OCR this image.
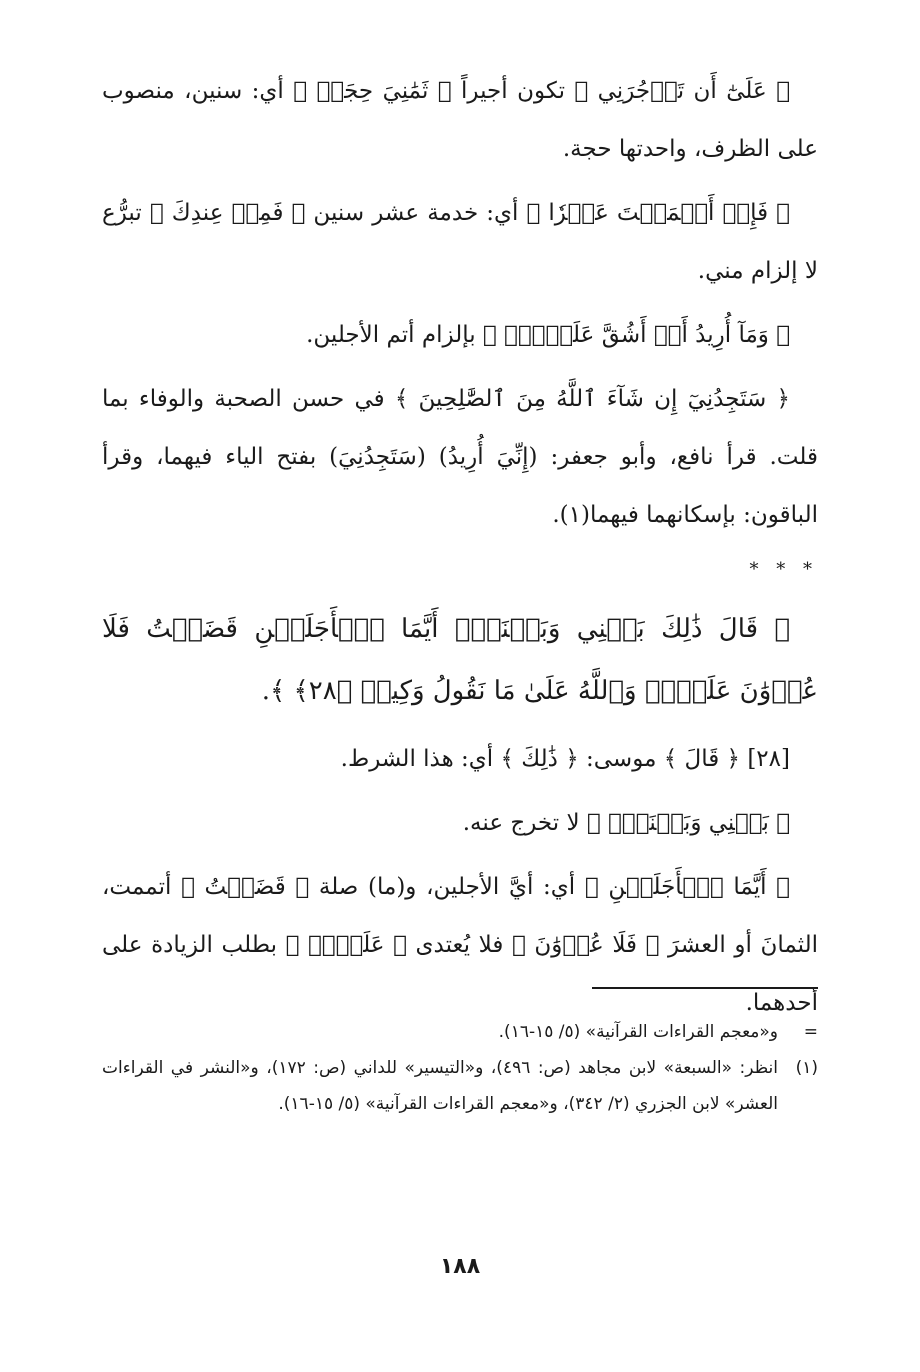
﴿ عَلَىٰٓ أَن تَأۡجُرَنِي ﴾ تكون أجيراً ﴿ ثَمَٰنِيَ حِجَجٖ ﴾ أي: سنين، منصوب على الظرف، واحدتها حجة.

﴿ فَإِنۡ أَتۡمَمۡتَ عَشۡرٗا ﴾ أي: خدمة عشر سنين ﴿ فَمِنۡ عِندِكَ ﴾ تبرُّع لا إلزام مني.

﴿ وَمَآ أُرِيدُ أَنۡ أَشُقَّ عَلَيۡكَۚ ﴾ بإلزام أتم الأجلين.

﴿ سَتَجِدُنِيٓ إِن شَآءَ ٱللَّهُ مِنَ ٱلصَّٰلِحِينَ ﴾ في حسن الصحبة والوفاء بما قلت. قرأ نافع، وأبو جعفر: (إِنِّيَ أُرِيدُ) (سَتَجِدُنِيَ) بفتح الياء فيهما، وقرأ الباقون: بإسكانهما فيهما(١).

* * *

﴿ قَالَ ذَٰلِكَ بَيۡنِي وَبَيۡنَكَۖ أَيَّمَا ٱلۡأَجَلَيۡنِ قَضَيۡتُ فَلَا عُدۡوَٰنَ عَلَيَّۖ وَٱللَّهُ عَلَىٰ مَا نَقُولُ وَكِيلٞ ﴿٢٨﴾ ﴾.

[٢٨] ﴿ قَالَ ﴾ موسى: ﴿ ذَٰلِكَ ﴾ أي: هذا الشرط.

﴿ بَيۡنِي وَبَيۡنَكَۖ ﴾ لا تخرج عنه.

﴿ أَيَّمَا ٱلۡأَجَلَيۡنِ ﴾ أي: أيَّ الأجلين، و(ما) صلة ﴿ قَضَيۡتُ ﴾ أتممت، الثمانَ أو العشرَ ﴿ فَلَا عُدۡوَٰنَ ﴾ فلا يُعتدى ﴿ عَلَيَّۖ ﴾ بطلب الزيادة على أحدهما.

=
و«معجم القراءات القرآنية» (٥/ ١٥-١٦).
(١)
انظر: «السبعة» لابن مجاهد (ص: ٤٩٦)، و«التيسير» للداني (ص: ١٧٢)، و«النشر في القراءات العشر» لابن الجزري (٢/ ٣٤٢)، و«معجم القراءات القرآنية» (٥/ ١٥-١٦).
١٨٨
